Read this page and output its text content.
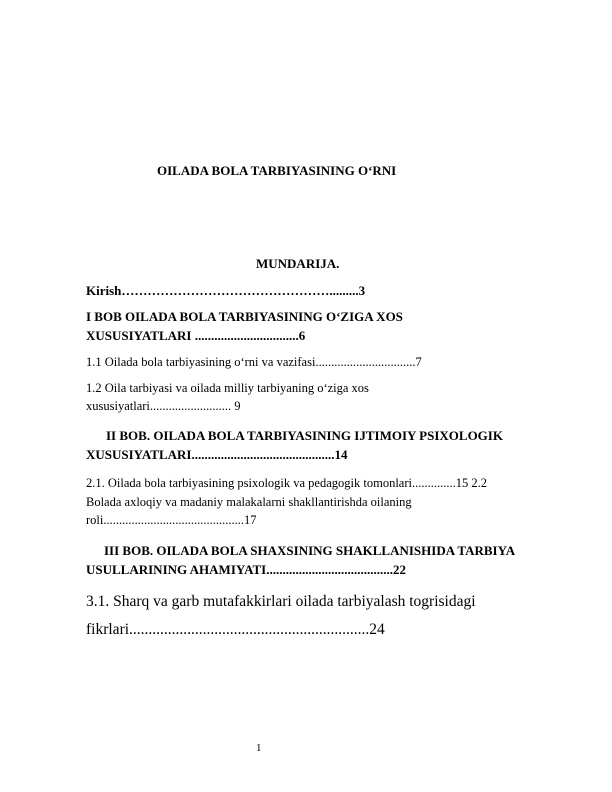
OILADA BOLA TARBIYASINING O‘RNI
MUNDARIJA.
Kirish………………………………………….........3
I BOB OILADA BOLA TARBIYASINING O‘ZIGA XOS
XUSUSIYATLARI ................................6
1.1 Oilada bola tarbiyasining o‘rni va vazifasi................................7
1.2 Oila tarbiyasi va oilada milliy tarbiyaning o‘ziga xos
xususiyatlari.......................... 9
II BOB. OILADA BOLA TARBIYASINING IJTIMOIY PSIXOLOGIK
XUSUSIYATLARI............................................14
2.1. Oilada bola tarbiyasining psixologik va pedagogik tomonlari..............15 2.2
Bolada axloqiy va madaniy malakalarni shakllantirishda oilaning
roli.............................................17
III BOB. OILADA BOLA SHAXSINING SHAKLLANISHIDA TARBIYA
USULLARINING AHAMIYATI.......................................22
3.1. Sharq va garb mutafakkirlari oilada tarbiyalash togrisidagi
fikrlari..............................................................24
1
